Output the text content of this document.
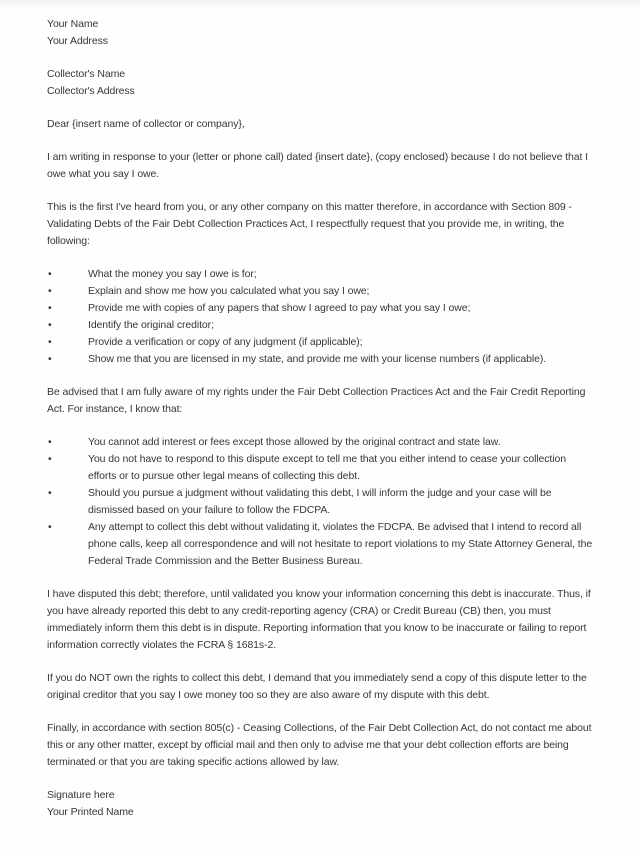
Your Name

Your Address

Collector's Name

Collector's Address

Dear {insert name of collector or company},

I am writing in response to your (letter or phone call) dated {insert date}, (copy enclosed) because I do not believe that I owe what you say I owe.

This is the first I've heard from you, or any other company on this matter therefore, in accordance with Section 809 - Validating Debts of the Fair Debt Collection Practices Act, I respectfully request that you provide me, in writing, the following:

•	What the money you say I owe is for;
•	Explain and show me how you calculated what you say I owe;
•	Provide me with copies of any papers that show I agreed to pay what you say I owe;
•	Identify the original creditor;
•	Provide a verification or copy of any judgment (if applicable);
•	Show me that you are licensed in my state, and provide me with your license numbers (if applicable).

Be advised that I am fully aware of my rights under the Fair Debt Collection Practices Act and the Fair Credit Reporting Act. For instance, I know that:

•	You cannot add interest or fees except those allowed by the original contract and state law.
•	You do not have to respond to this dispute except to tell me that you either intend to cease your collection efforts or to pursue other legal means of collecting this debt.
•	Should you pursue a judgment without validating this debt, I will inform the judge and your case will be dismissed based on your failure to follow the FDCPA.
•	Any attempt to collect this debt without validating it, violates the FDCPA. Be advised that I intend to record all phone calls, keep all correspondence and will not hesitate to report violations to my State Attorney General, the Federal Trade Commission and the Better Business Bureau.

I have disputed this debt; therefore, until validated you know your information concerning this debt is inaccurate. Thus, if you have already reported this debt to any credit-reporting agency (CRA) or Credit Bureau (CB) then, you must immediately inform them this debt is in dispute. Reporting information that you know to be inaccurate or failing to report information correctly violates the FCRA § 1681s-2.

If you do NOT own the rights to collect this debt, I demand that you immediately send a copy of this dispute letter to the original creditor that you say I owe money too so they are also aware of my dispute with this debt.

Finally, in accordance with section 805(c) - Ceasing Collections, of the Fair Debt Collection Act, do not contact me about this or any other matter, except by official mail and then only to advise me that your debt collection efforts are being terminated or that you are taking specific actions allowed by law.

Signature here

Your Printed Name
